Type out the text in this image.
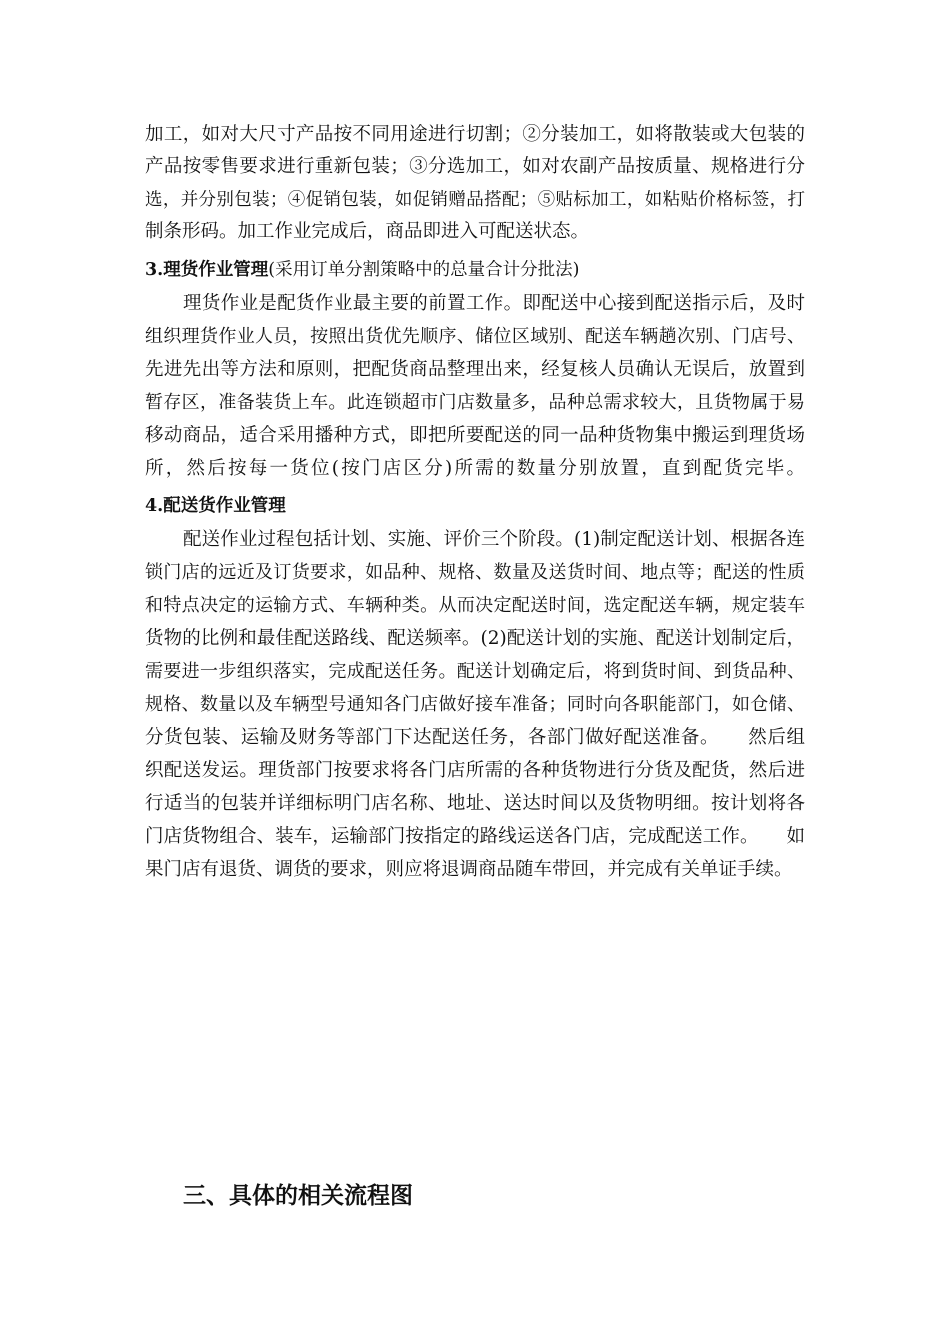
加工，如对大尺寸产品按不同用途进行切割；②分装加工，如将散装或大包装的
产品按零售要求进行重新包装；③分选加工，如对农副产品按质量、规格进行分
选，并分别包装；④促销包装，如促销赠品搭配；⑤贴标加工，如粘贴价格标签，打
制条形码。加工作业完成后，商品即进入可配送状态。
3.理货作业管理(采用订单分割策略中的总量合计分批法)
理货作业是配货作业最主要的前置工作。即配送中心接到配送指示后，及时
组织理货作业人员，按照出货优先顺序、储位区域别、配送车辆趟次别、门店号、
先进先出等方法和原则，把配货商品整理出来，经复核人员确认无误后，放置到
暂存区，准备装货上车。此连锁超市门店数量多，品种总需求较大，且货物属于易
移动商品，适合采用播种方式，即把所要配送的同一品种货物集中搬运到理货场
所，然后按每一货位(按门店区分)所需的数量分别放置，直到配货完毕。
4.配送货作业管理
配送作业过程包括计划、实施、评价三个阶段。(1)制定配送计划、根据各连
锁门店的远近及订货要求，如品种、规格、数量及送货时间、地点等；配送的性质
和特点决定的运输方式、车辆种类。从而决定配送时间，选定配送车辆，规定装车
货物的比例和最佳配送路线、配送频率。(2)配送计划的实施、配送计划制定后，
需要进一步组织落实，完成配送任务。配送计划确定后，将到货时间、到货品种、
规格、数量以及车辆型号通知各门店做好接车准备；同时向各职能部门，如仓储、
分货包装、运输及财务等部门下达配送任务，各部门做好配送准备。　　然后组
织配送发运。理货部门按要求将各门店所需的各种货物进行分货及配货，然后进
行适当的包装并详细标明门店名称、地址、送达时间以及货物明细。按计划将各
门店货物组合、装车，运输部门按指定的路线运送各门店，完成配送工作。　　如
果门店有退货、调货的要求，则应将退调商品随车带回，并完成有关单证手续。
三、具体的相关流程图
